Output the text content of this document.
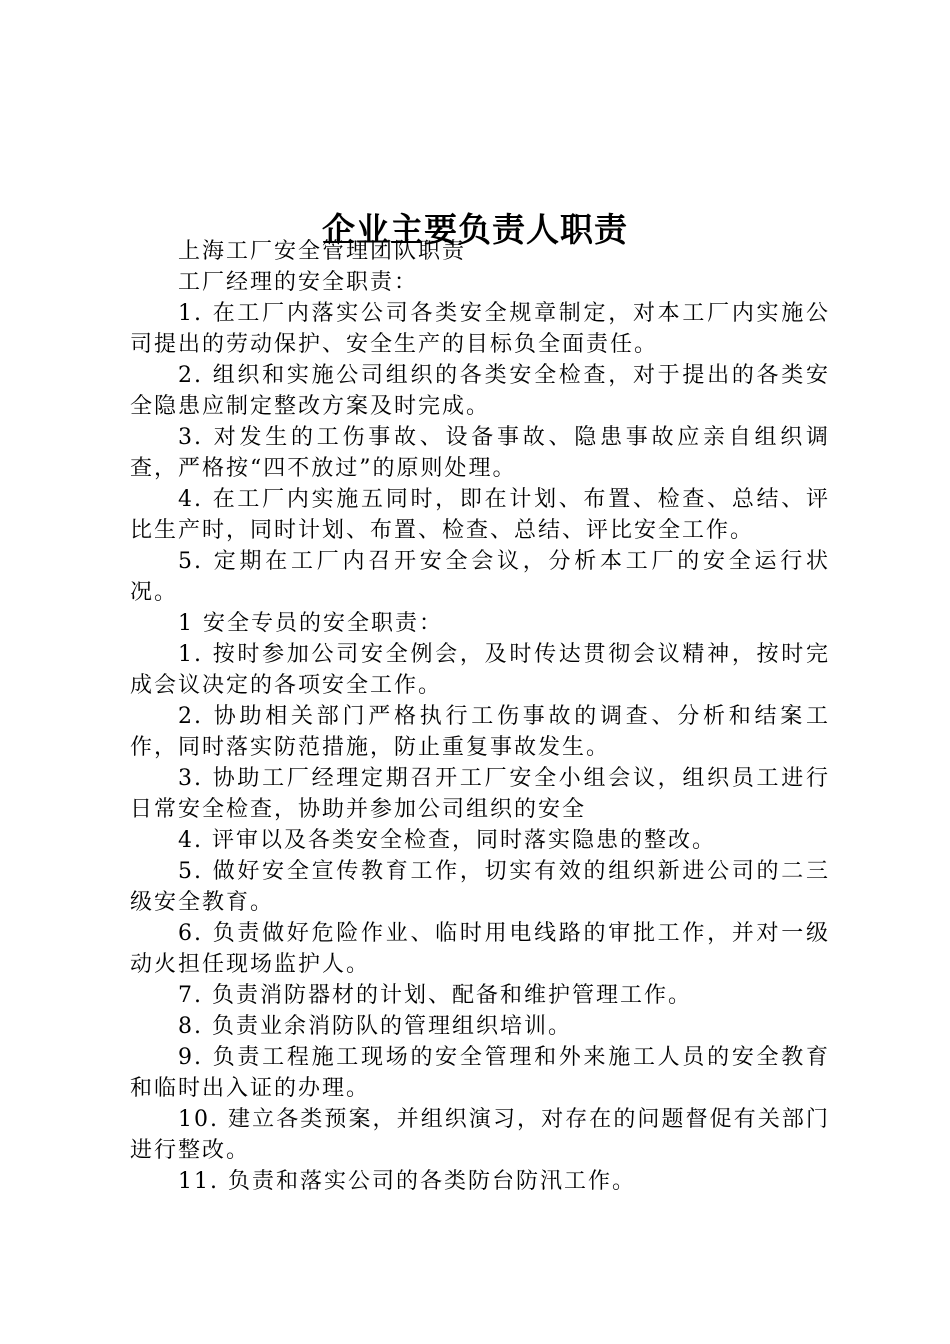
企业主要负责人职责

上海工厂安全管理团队职责

工厂经理的安全职责：

1. 在工厂内落实公司各类安全规章制定，对本工厂内实施公司提出的劳动保护、安全生产的目标负全面责任。

2. 组织和实施公司组织的各类安全检查，对于提出的各类安全隐患应制定整改方案及时完成。

3. 对发生的工伤事故、设备事故、隐患事故应亲自组织调查，严格按“四不放过”的原则处理。

4. 在工厂内实施五同时，即在计划、布置、检查、总结、评比生产时，同时计划、布置、检查、总结、评比安全工作。

5. 定期在工厂内召开安全会议，分析本工厂的安全运行状况。

1 安全专员的安全职责：

1. 按时参加公司安全例会，及时传达贯彻会议精神，按时完成会议决定的各项安全工作。

2. 协助相关部门严格执行工伤事故的调查、分析和结案工作，同时落实防范措施，防止重复事故发生。

3. 协助工厂经理定期召开工厂安全小组会议，组织员工进行日常安全检查，协助并参加公司组织的安全

4. 评审以及各类安全检查，同时落实隐患的整改。

5. 做好安全宣传教育工作，切实有效的组织新进公司的二三级安全教育。

6. 负责做好危险作业、临时用电线路的审批工作，并对一级动火担任现场监护人。

7. 负责消防器材的计划、配备和维护管理工作。

8. 负责业余消防队的管理组织培训。

9. 负责工程施工现场的安全管理和外来施工人员的安全教育和临时出入证的办理。

10. 建立各类预案，并组织演习，对存在的问题督促有关部门进行整改。

11. 负责和落实公司的各类防台防汛工作。
